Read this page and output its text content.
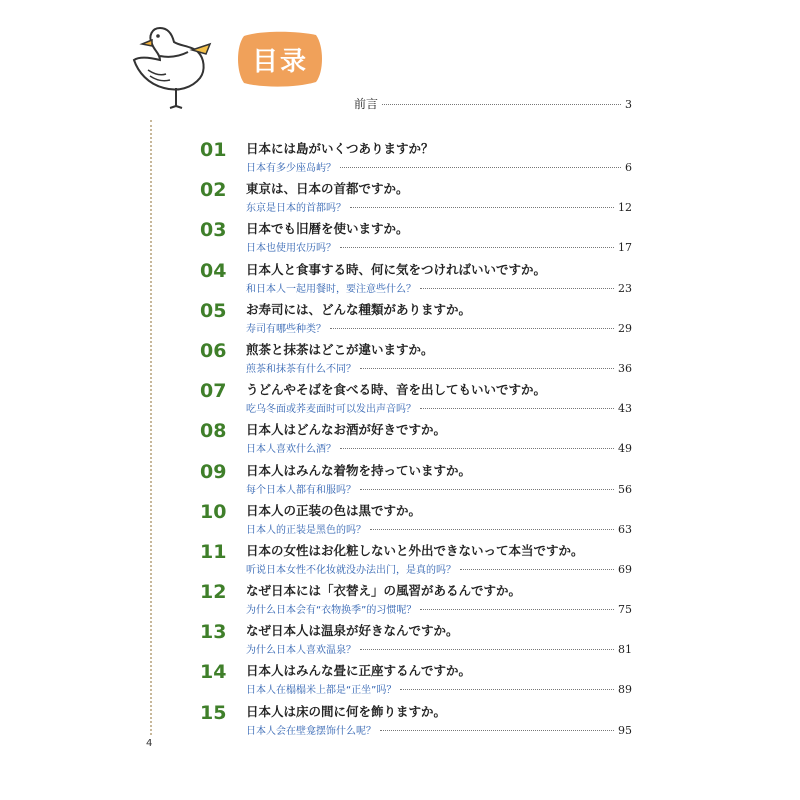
目录
前言	3
01 日本には島がいくつありますか？
日本有多少座岛屿？	6
02 東京は、日本の首都ですか。
东京是日本的首都吗？	12
03 日本でも旧暦を使いますか。
日本也使用农历吗？	17
04 日本人と食事する時、何に気をつければいいですか。
和日本人一起用餐时，要注意些什么？	23
05 お寿司には、どんな種類がありますか。
寿司有哪些种类？	29
06 煎茶と抹茶はどこが違いますか。
煎茶和抹茶有什么不同？	36
07 うどんやそばを食べる時、音を出してもいいですか。
吃乌冬面或荞麦面时可以发出声音吗？	43
08 日本人はどんなお酒が好きですか。
日本人喜欢什么酒？	49
09 日本人はみんな着物を持っていますか。
每个日本人都有和服吗？	56
10 日本人の正装の色は黒ですか。
日本人的正装是黑色的吗？	63
11 日本の女性はお化粧しないと外出できないって本当ですか。
听说日本女性不化妆就没办法出门，是真的吗？	69
12 なぜ日本には「衣替え」の風習があるんですか。
为什么日本会有“衣物换季”的习惯呢？	75
13 なぜ日本人は温泉が好きなんですか。
为什么日本人喜欢温泉？	81
14 日本人はみんな畳に正座するんですか。
日本人在榻榻米上都是“正坐”吗？	89
15 日本人は床の間に何を飾りますか。
日本人会在壁龛摆饰什么呢？	95
4
